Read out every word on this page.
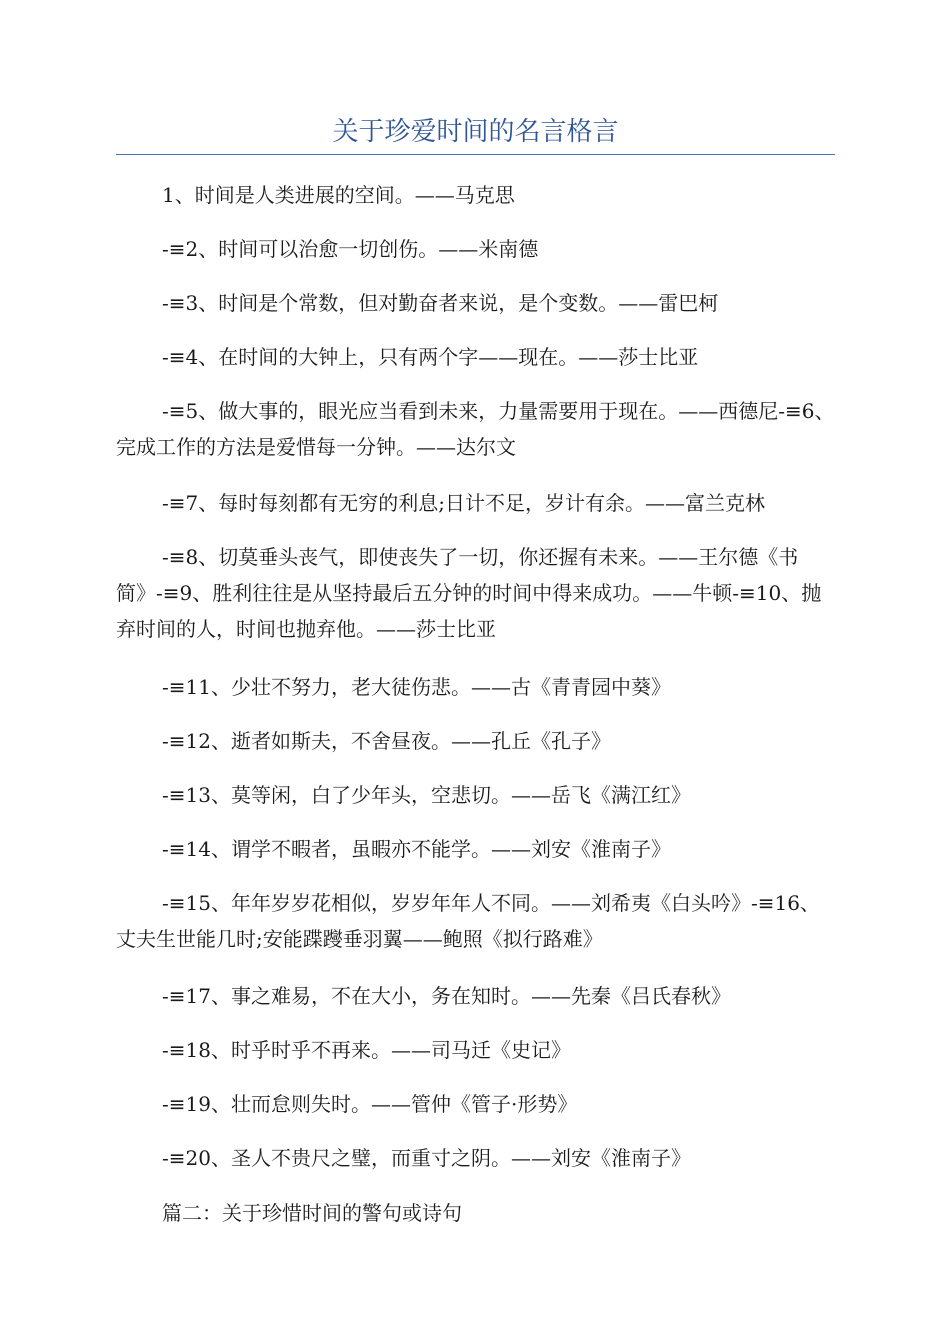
关于珍爱时间的名言格言
1、时间是人类进展的空间。——马克思
-≡2、时间可以治愈一切创伤。——米南德
-≡3、时间是个常数，但对勤奋者来说，是个变数。——雷巴柯
-≡4、在时间的大钟上，只有两个字——现在。——莎士比亚
-≡5、做大事的，眼光应当看到未来，力量需要用于现在。——西德尼-≡6、完成工作的方法是爱惜每一分钟。——达尔文
-≡7、每时每刻都有无穷的利息;日计不足，岁计有余。——富兰克林
-≡8、切莫垂头丧气，即使丧失了一切，你还握有未来。——王尔德《书简》-≡9、胜利往往是从坚持最后五分钟的时间中得来成功。——牛顿-≡10、抛弃时间的人，时间也抛弃他。——莎士比亚
-≡11、少壮不努力，老大徒伤悲。——古《青青园中葵》
-≡12、逝者如斯夫，不舍昼夜。——孔丘《孔子》
-≡13、莫等闲，白了少年头，空悲切。——岳飞《满江红》
-≡14、谓学不暇者，虽暇亦不能学。——刘安《淮南子》
-≡15、年年岁岁花相似，岁岁年年人不同。——刘希夷《白头吟》-≡16、丈夫生世能几时;安能蹀躞垂羽翼——鲍照《拟行路难》
-≡17、事之难易，不在大小，务在知时。——先秦《吕氏春秋》
-≡18、时乎时乎不再来。——司马迁《史记》
-≡19、壮而怠则失时。——管仲《管子·形势》
-≡20、圣人不贵尺之璧，而重寸之阴。——刘安《淮南子》
篇二：关于珍惜时间的警句或诗句
